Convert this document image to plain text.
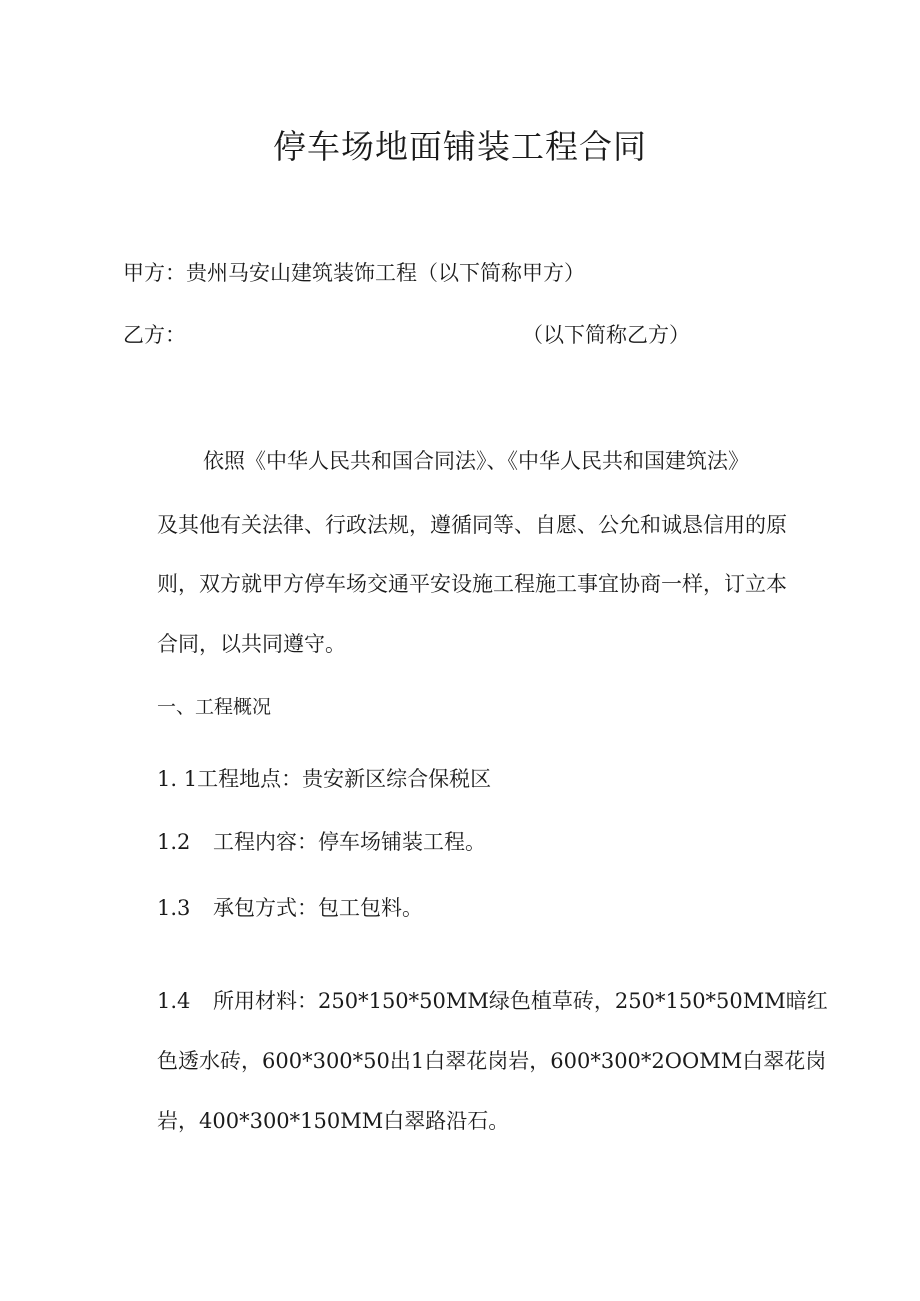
停车场地面铺装工程合同
甲方：贵州马安山建筑装饰工程（以下简称甲方）
乙方：	（以下简称乙方）
依照《中华人民共和国合同法》、《中华人民共和国建筑法》
及其他有关法律、行政法规，遵循同等、自愿、公允和诚恳信用的原
则，双方就甲方停车场交通平安设施工程施工事宜协商一样，订立本
合同，以共同遵守。
一、工程概况
1. 1工程地点：贵安新区综合保税区
1.2 工程内容：停车场铺装工程。
1.3 承包方式：包工包料。
1.4 所用材料：250*150*50MM绿色植草砖，250*150*50MM暗红
色透水砖，600*300*50出1白翠花岗岩，600*300*2OOMM白翠花岗
岩，400*300*150MM白翠路沿石。
